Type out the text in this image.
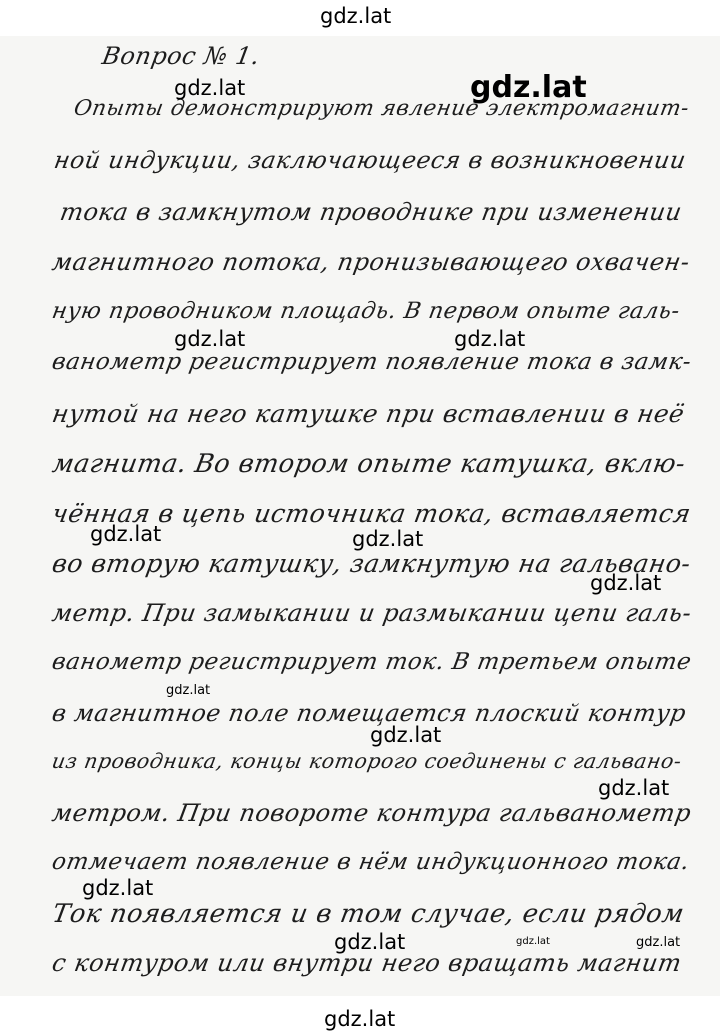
gdz.lat
Вопрос № 1.
Опыты демонстрируют явление электромагнит-
ной индукции, заключающееся в возникновении
тока в замкнутом проводнике при изменении
магнитного потока, пронизывающего охвачен-
ную проводником площадь. В первом опыте галь-
ванометр регистрирует появление тока в замк-
нутой на него катушке при вставлении в неё
магнита. Во втором опыте катушка, вклю-
чённая в цепь источника тока, вставляется
во вторую катушку, замкнутую на гальвано-
метр. При замыкании и размыкании цепи галь-
ванометр регистрирует ток. В третьем опыте
в магнитное поле помещается плоский контур
из проводника, концы которого соединены с гальвано-
метром. При повороте контура гальванометр
отмечает появление в нём индукционного тока.
Ток появляется и в том случае, если рядом
с контуром или внутри него вращать магнит
gdz.lat
gdz.lat
gdz.lat	gdz.lat
gdz.lat	gdz.lat
gdz.lat
gdz.lat
gdz.lat
gdz.lat
gdz.lat
gdz.lat	gdz.lat	gdz.lat
gdz.lat
